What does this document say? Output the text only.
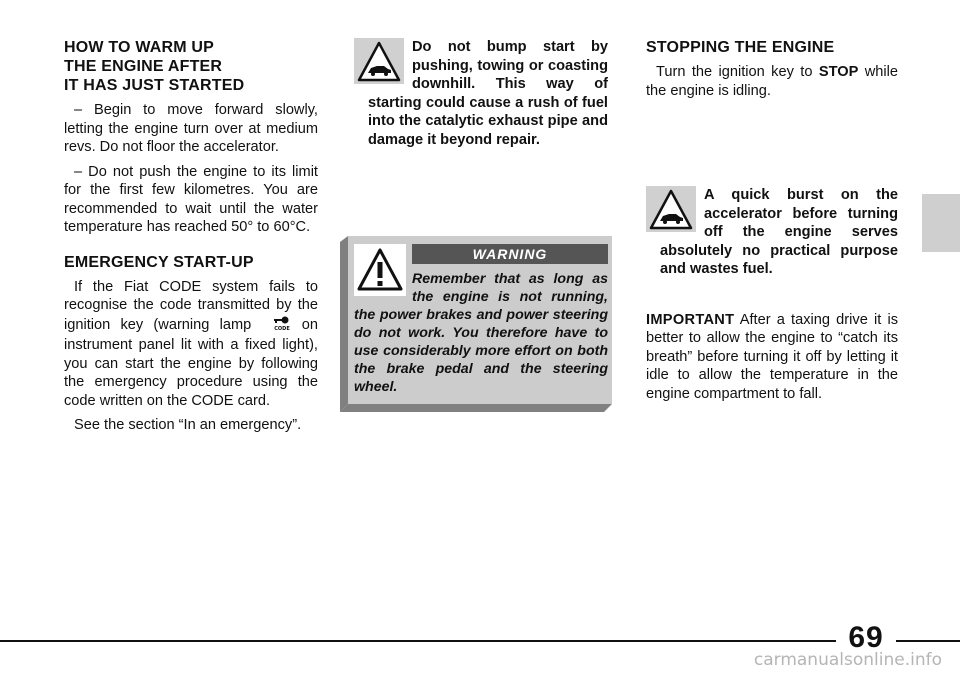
HOW TO WARM UP
THE ENGINE AFTER
IT HAS JUST STARTED

– Begin to move forward slowly, letting the engine turn over at medium revs. Do not floor the accelerator.

– Do not push the engine to its limit for the first few kilometres. You are recommended to wait until the water temperature has reached 50° to 60°C.

EMERGENCY START-UP

If the Fiat CODE system fails to recognise the code transmitted by the ignition key (warning lamp	CODE on instrument panel lit with a fixed light), you can start the engine by following the emergency procedure using the code written on the CODE card.

See the section “In an emergency”.

Do not bump start by pushing, towing or coasting downhill. This way of starting could cause a rush of fuel into the catalytic exhaust pipe and damage it beyond repair.

WARNING

Remember that as long as the engine is not running, the power brakes and power steering do not work. You therefore have to use considerably more effort on both the brake pedal and the steering wheel.

STOPPING THE ENGINE

Turn the ignition key to STOP while the engine is idling.

A quick burst on the accelerator before turning off the engine serves absolutely no practical purpose and wastes fuel.

IMPORTANT After a taxing drive it is better to allow the engine to “catch its breath” before turning it off by letting it idle to allow the temperature in the engine compartment to fall.

69
carmanualsonline.info
